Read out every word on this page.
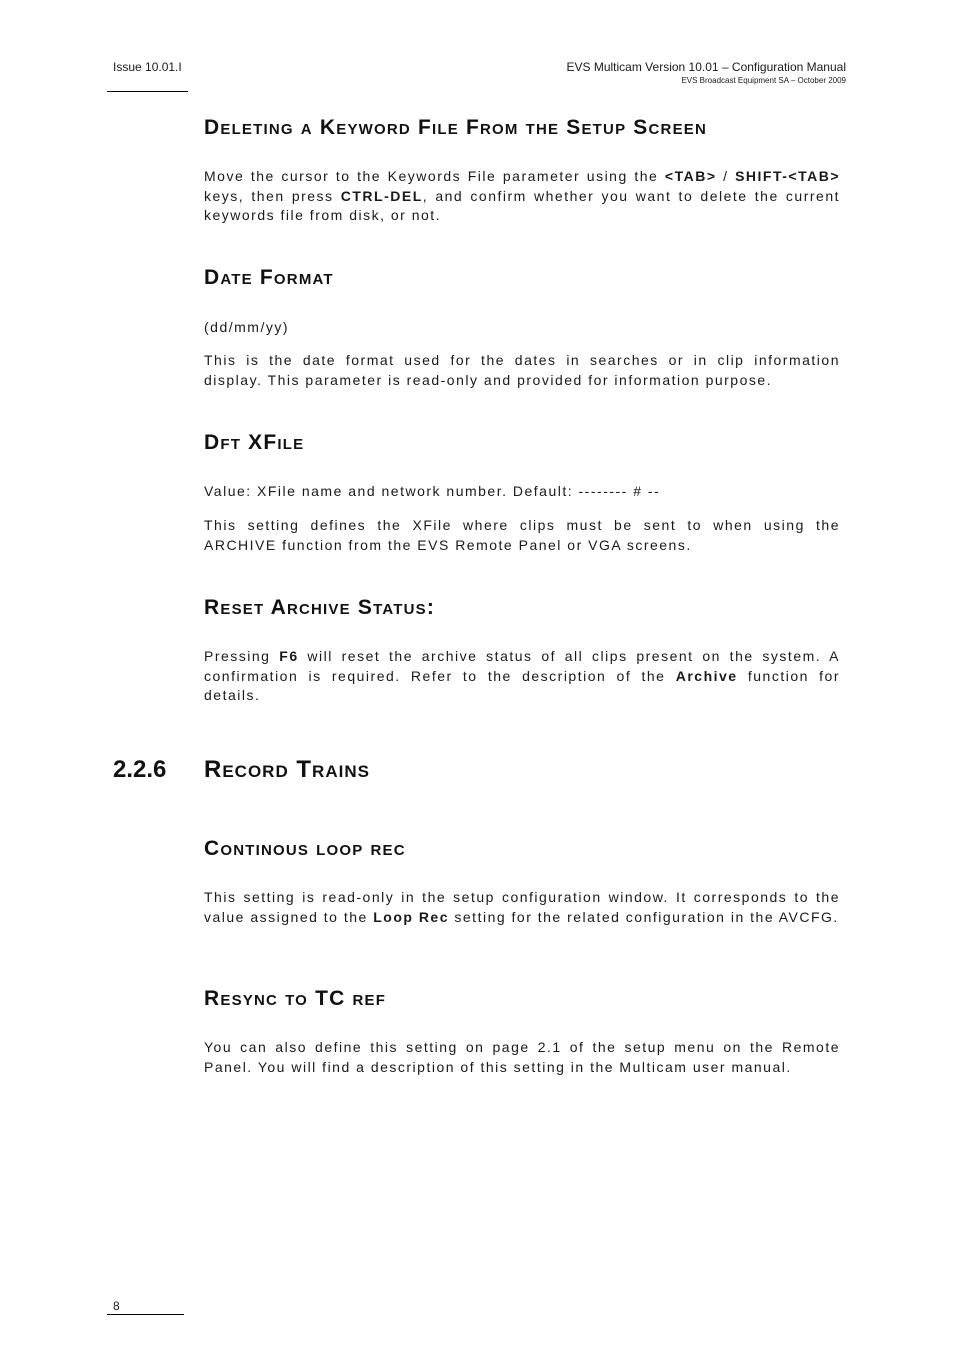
Issue 10.01.I	EVS Multicam Version 10.01 – Configuration Manual
EVS Broadcast Equipment SA – October 2009
Deleting a Keyword File From the Setup Screen

Move the cursor to the Keywords File parameter using the <TAB> / SHIFT-<TAB> keys, then press CTRL-DEL, and confirm whether you want to delete the current keywords file from disk, or not.

Date Format

(dd/mm/yy)

This is the date format used for the dates in searches or in clip information display. This parameter is read-only and provided for information purpose.

Dft XFile

Value: XFile name and network number. Default: -------- # --

This setting defines the XFile where clips must be sent to when using the ARCHIVE function from the EVS Remote Panel or VGA screens.

Reset Archive Status:

Pressing F6 will reset the archive status of all clips present on the system. A confirmation is required. Refer to the description of the Archive function for details.

Continous loop rec

This setting is read-only in the setup configuration window. It corresponds to the value assigned to the Loop Rec setting for the related configuration in the AVCFG.

Resync to TC ref

You can also define this setting on page 2.1 of the setup menu on the Remote Panel. You will find a description of this setting in the Multicam user manual.

2.2.6 Record Trains
8
